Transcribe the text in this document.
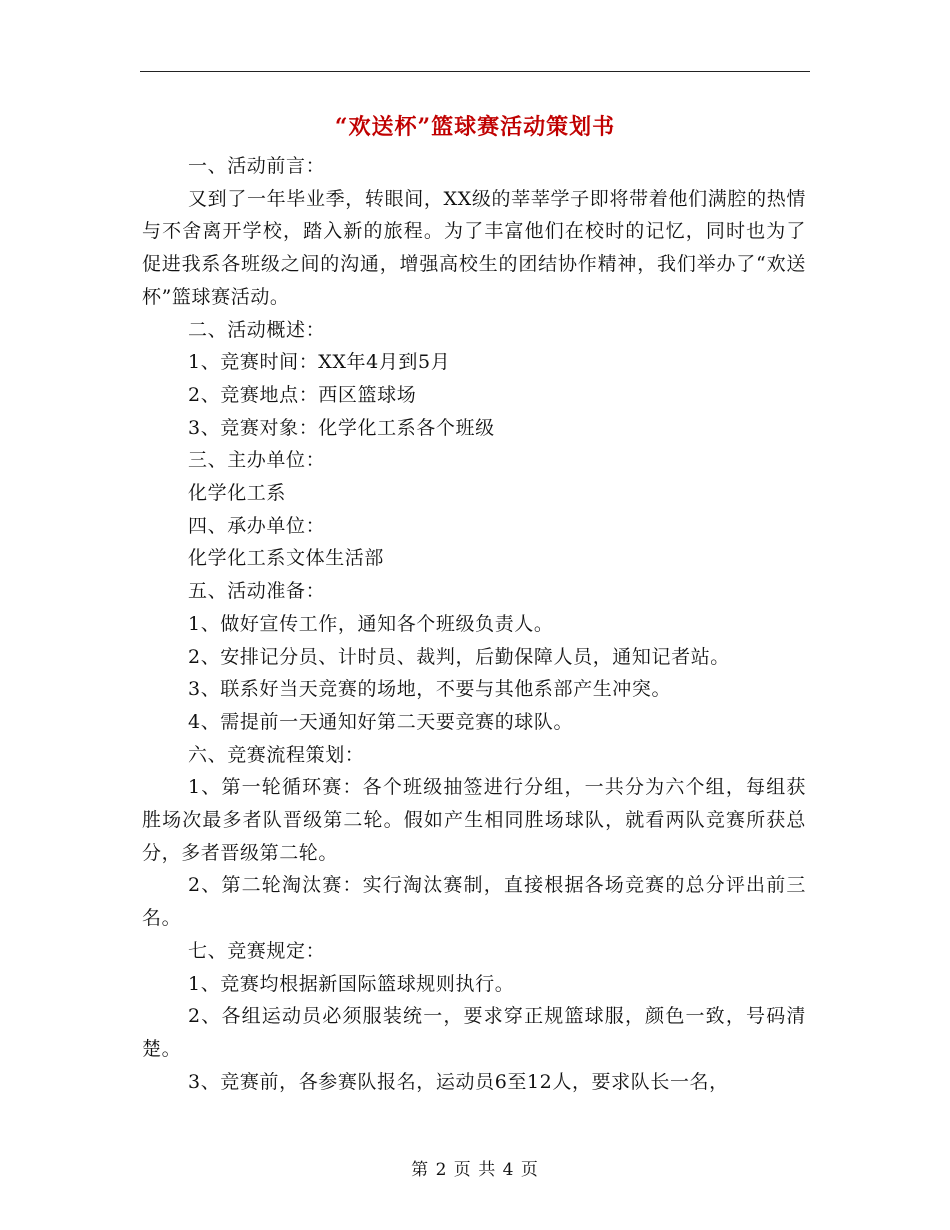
“欢送杯”篮球赛活动策划书

一、活动前言：

又到了一年毕业季，转眼间，XX级的莘莘学子即将带着他们满腔的热情与不舍离开学校，踏入新的旅程。为了丰富他们在校时的记忆，同时也为了促进我系各班级之间的沟通，增强高校生的团结协作精神，我们举办了“欢送杯”篮球赛活动。

二、活动概述：

1、竞赛时间：XX年4月到5月

2、竞赛地点：西区篮球场

3、竞赛对象：化学化工系各个班级

三、主办单位：

化学化工系

四、承办单位：

化学化工系文体生活部

五、活动准备：

1、做好宣传工作，通知各个班级负责人。

2、安排记分员、计时员、裁判，后勤保障人员，通知记者站。

3、联系好当天竞赛的场地，不要与其他系部产生冲突。

4、需提前一天通知好第二天要竞赛的球队。

六、竞赛流程策划：

1、第一轮循环赛：各个班级抽签进行分组，一共分为六个组，每组获胜场次最多者队晋级第二轮。假如产生相同胜场球队，就看两队竞赛所获总分，多者晋级第二轮。

2、第二轮淘汰赛：实行淘汰赛制，直接根据各场竞赛的总分评出前三名。

七、竞赛规定：

1、竞赛均根据新国际篮球规则执行。

2、各组运动员必须服装统一，要求穿正规篮球服，颜色一致，号码清楚。

3、竞赛前，各参赛队报名，运动员6至12人，要求队长一名，

第 2 页 共 4 页
